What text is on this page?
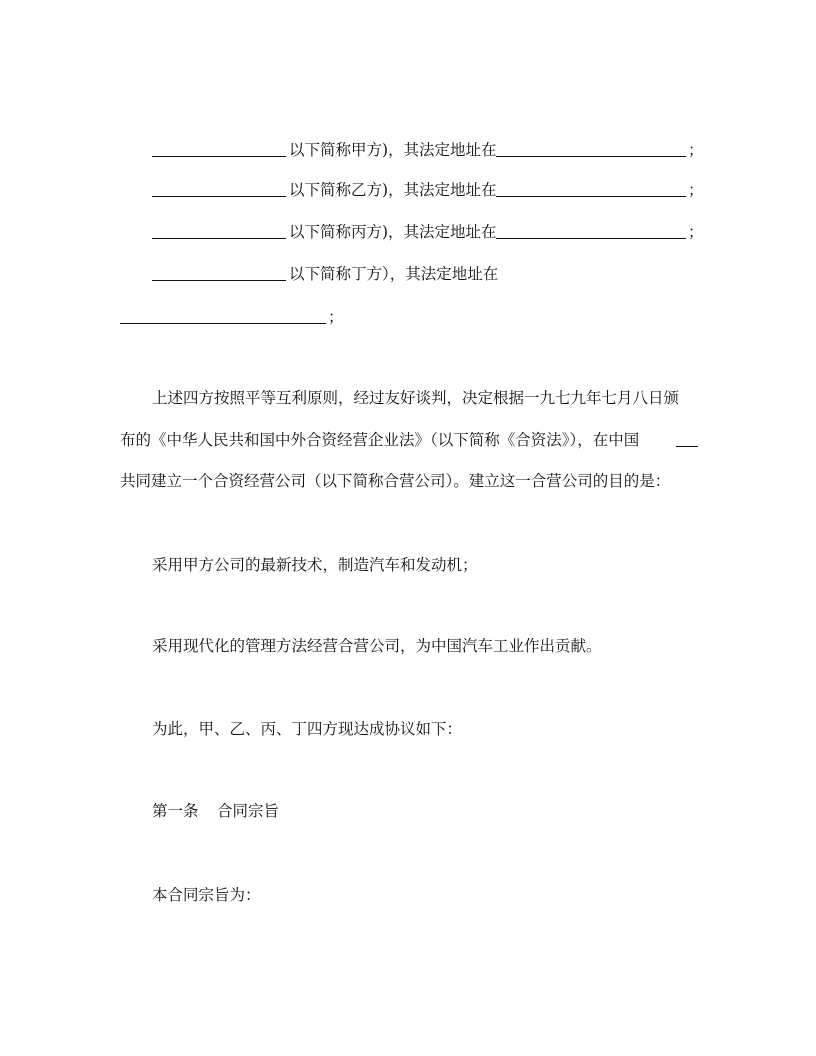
以下简称甲方)，其法定地址在	；
以下简称乙方)，其法定地址在	；
以下简称丙方)，其法定地址在	；
以下简称丁方），其法定地址在
；
上述四方按照平等互利原则，经过友好谈判，决定根据一九七九年七月八日颁
布的《中华人民共和国中外合资经营企业法》（以下简称《合资法》），在中国
共同建立一个合资经营公司（以下简称合营公司）。建立这一合营公司的目的是：
采用甲方公司的最新技术，制造汽车和发动机；
采用现代化的管理方法经营合营公司，为中国汽车工业作出贡献。
为此，甲、乙、丙、丁四方现达成协议如下：
第一条 合同宗旨
本合同宗旨为：
